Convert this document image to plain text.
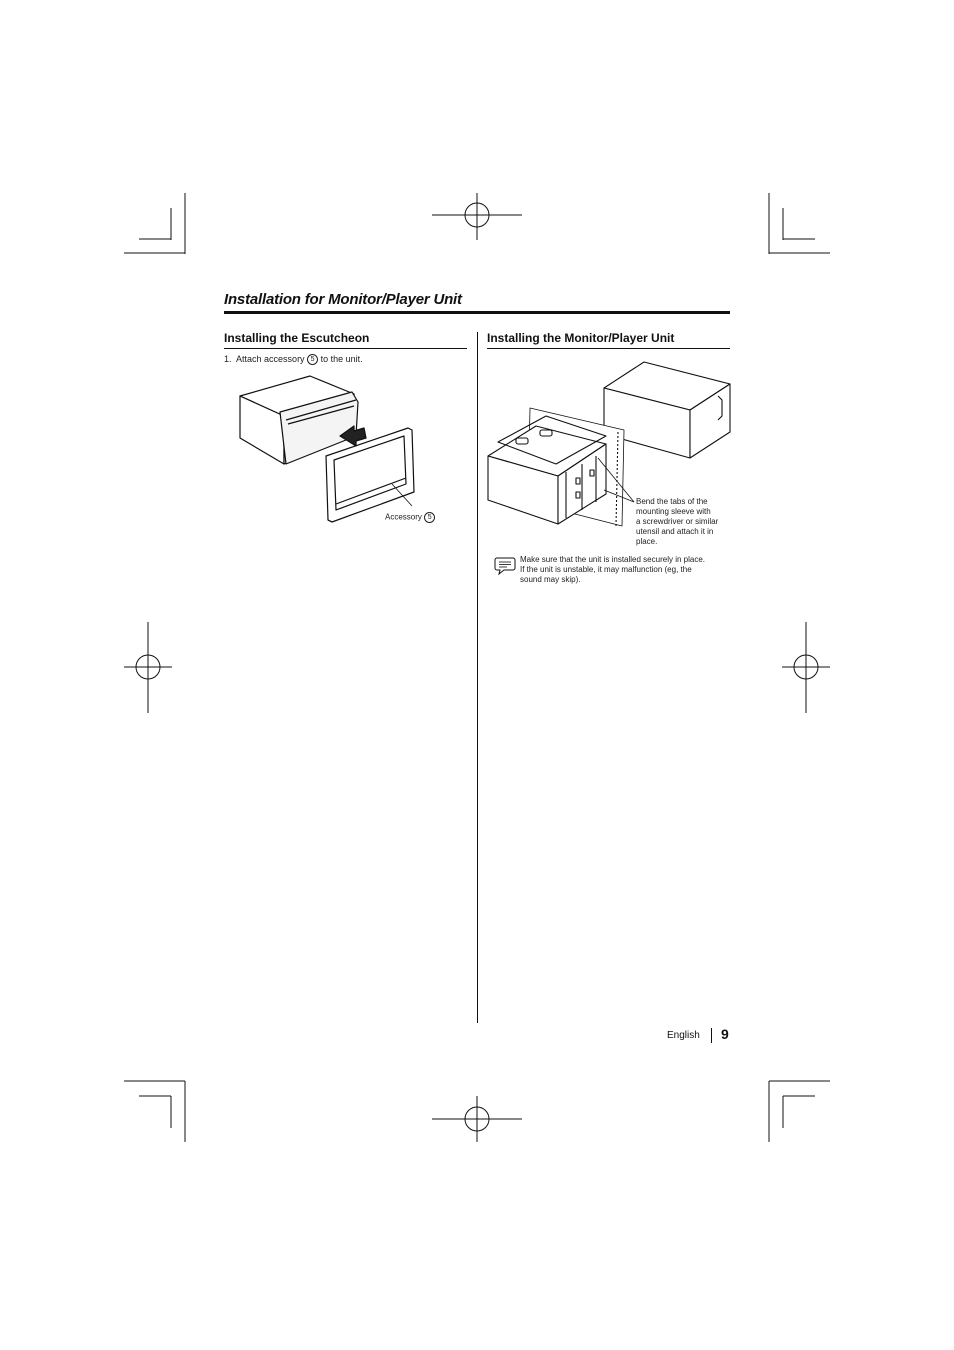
Installation for Monitor/Player Unit
Installing the Escutcheon
1. Attach accessory 5 to the unit.
Accessory 5
Installing the Monitor/Player Unit
Bend the tabs of the
mounting sleeve with
a screwdriver or similar
utensil and attach it in
place.
Make sure that the unit is installed securely in place.
If the unit is unstable, it may malfunction (eg, the
sound may skip).
English 9
